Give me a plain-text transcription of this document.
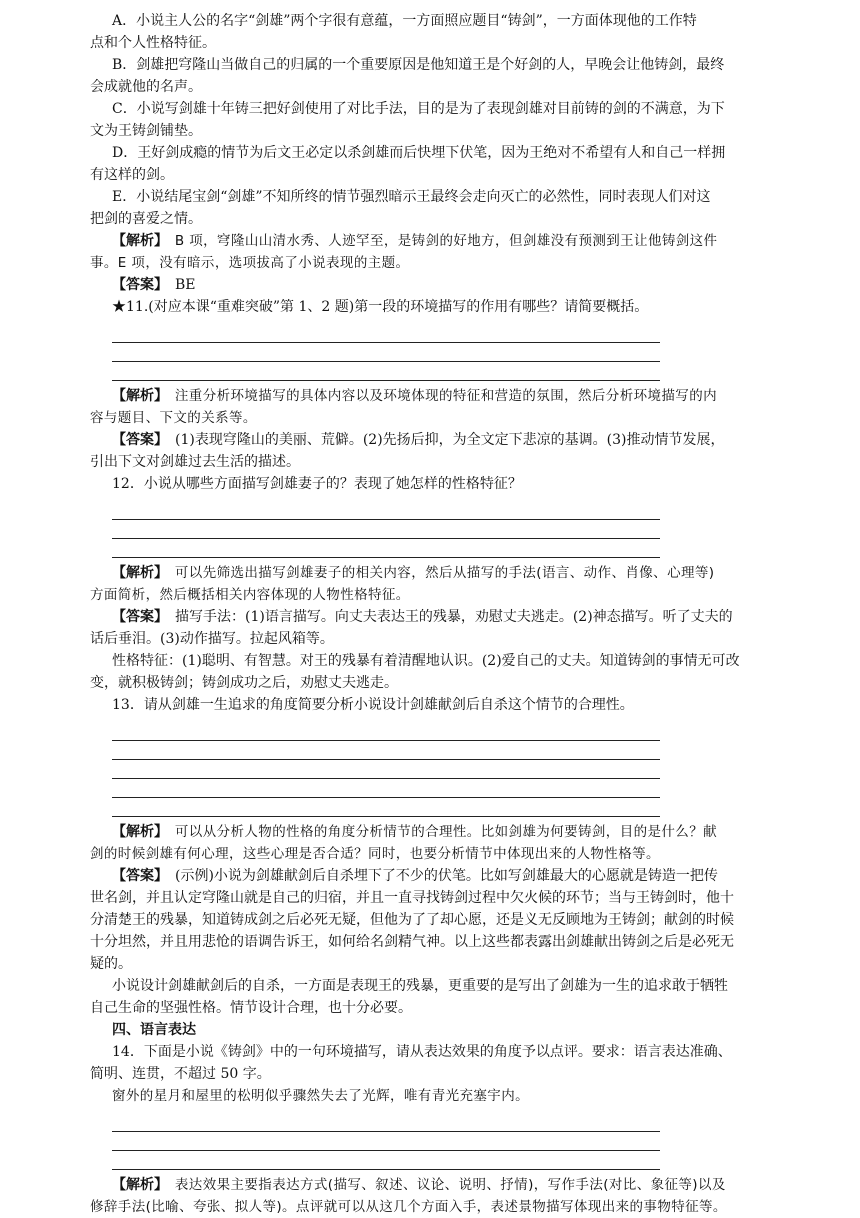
A．小说主人公的名字“剑雄”两个字很有意蕴，一方面照应题目“铸剑”，一方面体现他的工作特

点和个人性格特征。

B．剑雄把穹隆山当做自己的归属的一个重要原因是他知道王是个好剑的人，早晚会让他铸剑，最终

会成就他的名声。

C．小说写剑雄十年铸三把好剑使用了对比手法，目的是为了表现剑雄对目前铸的剑的不满意，为下

文为王铸剑铺垫。

D．王好剑成瘾的情节为后文王必定以杀剑雄而后快埋下伏笔，因为王绝对不希望有人和自己一样拥

有这样的剑。

E．小说结尾宝剑“剑雄”不知所终的情节强烈暗示王最终会走向灭亡的必然性，同时表现人们对这

把剑的喜爱之情。

【解析】　B 项，穹隆山山清水秀、人迹罕至，是铸剑的好地方，但剑雄没有预测到王让他铸剑这件

事。E 项，没有暗示，选项拔高了小说表现的主题。

【答案】　BE

★11.(对应本课“重难突破”第 1、2 题)第一段的环境描写的作用有哪些？请简要概括。

【解析】　注重分析环境描写的具体内容以及环境体现的特征和营造的氛围，然后分析环境描写的内

容与题目、下文的关系等。

【答案】　(1)表现穹隆山的美丽、荒僻。(2)先扬后抑，为全文定下悲凉的基调。(3)推动情节发展，

引出下文对剑雄过去生活的描述。

12．小说从哪些方面描写剑雄妻子的？表现了她怎样的性格特征？

【解析】　可以先筛选出描写剑雄妻子的相关内容，然后从描写的手法(语言、动作、肖像、心理等)

方面简析，然后概括相关内容体现的人物性格特征。

【答案】　描写手法：(1)语言描写。向丈夫表达王的残暴，劝慰丈夫逃走。(2)神态描写。听了丈夫的

话后垂泪。(3)动作描写。拉起风箱等。

性格特征：(1)聪明、有智慧。对王的残暴有着清醒地认识。(2)爱自己的丈夫。知道铸剑的事情无可改

变，就积极铸剑；铸剑成功之后，劝慰丈夫逃走。

13．请从剑雄一生追求的角度简要分析小说设计剑雄献剑后自杀这个情节的合理性。

【解析】　可以从分析人物的性格的角度分析情节的合理性。比如剑雄为何要铸剑，目的是什么？献

剑的时候剑雄有何心理，这些心理是否合适？同时，也要分析情节中体现出来的人物性格等。

【答案】　(示例)小说为剑雄献剑后自杀埋下了不少的伏笔。比如写剑雄最大的心愿就是铸造一把传

世名剑，并且认定穹隆山就是自己的归宿，并且一直寻找铸剑过程中欠火候的环节；当与王铸剑时，他十

分清楚王的残暴，知道铸成剑之后必死无疑，但他为了了却心愿，还是义无反顾地为王铸剑；献剑的时候

十分坦然，并且用悲怆的语调告诉王，如何给名剑精气神。以上这些都表露出剑雄献出铸剑之后是必死无

疑的。

小说设计剑雄献剑后的自杀，一方面是表现王的残暴，更重要的是写出了剑雄为一生的追求敢于牺牲

自己生命的坚强性格。情节设计合理，也十分必要。

四、语言表达

14．下面是小说《铸剑》中的一句环境描写，请从表达效果的角度予以点评。要求：语言表达准确、

简明、连贯，不超过 50 字。

窗外的星月和屋里的松明似乎骤然失去了光辉，唯有青光充塞宇内。

【解析】　表达效果主要指表达方式(描写、叙述、议论、说明、抒情)，写作手法(对比、象征等)以及

修辞手法(比喻、夸张、拟人等)。点评就可以从这几个方面入手，表述景物描写体现出来的事物特征等。
